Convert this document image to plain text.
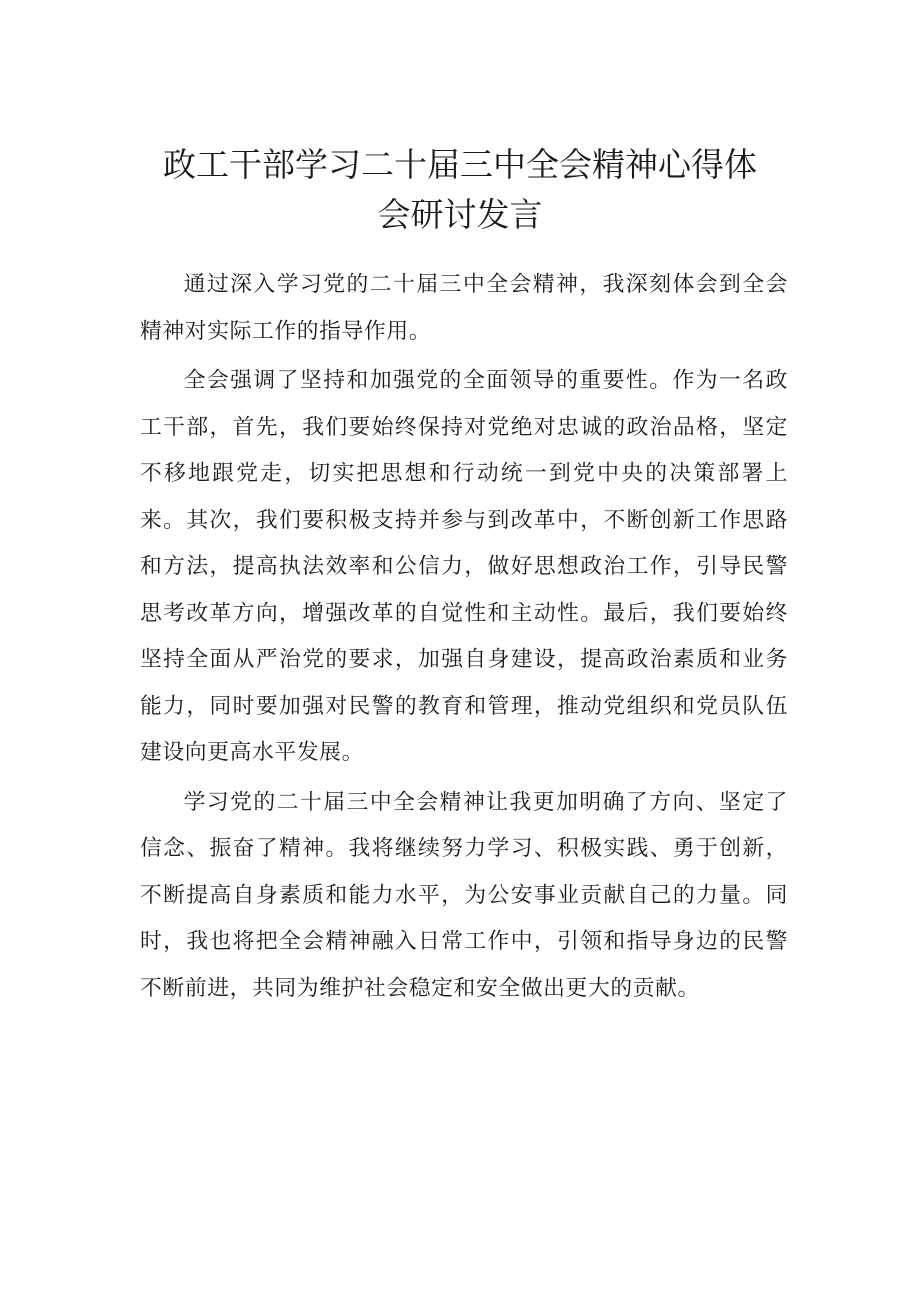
政工干部学习二十届三中全会精神心得体
会研讨发言

通过深入学习党的二十届三中全会精神，我深刻体会到全会精神对实际工作的指导作用。

全会强调了坚持和加强党的全面领导的重要性。作为一名政工干部，首先，我们要始终保持对党绝对忠诚的政治品格，坚定不移地跟党走，切实把思想和行动统一到党中央的决策部署上来。其次，我们要积极支持并参与到改革中，不断创新工作思路和方法，提高执法效率和公信力，做好思想政治工作，引导民警思考改革方向，增强改革的自觉性和主动性。最后，我们要始终坚持全面从严治党的要求，加强自身建设，提高政治素质和业务能力，同时要加强对民警的教育和管理，推动党组织和党员队伍建设向更高水平发展。

学习党的二十届三中全会精神让我更加明确了方向、坚定了信念、振奋了精神。我将继续努力学习、积极实践、勇于创新，不断提高自身素质和能力水平，为公安事业贡献自己的力量。同时，我也将把全会精神融入日常工作中，引领和指导身边的民警不断前进，共同为维护社会稳定和安全做出更大的贡献。
